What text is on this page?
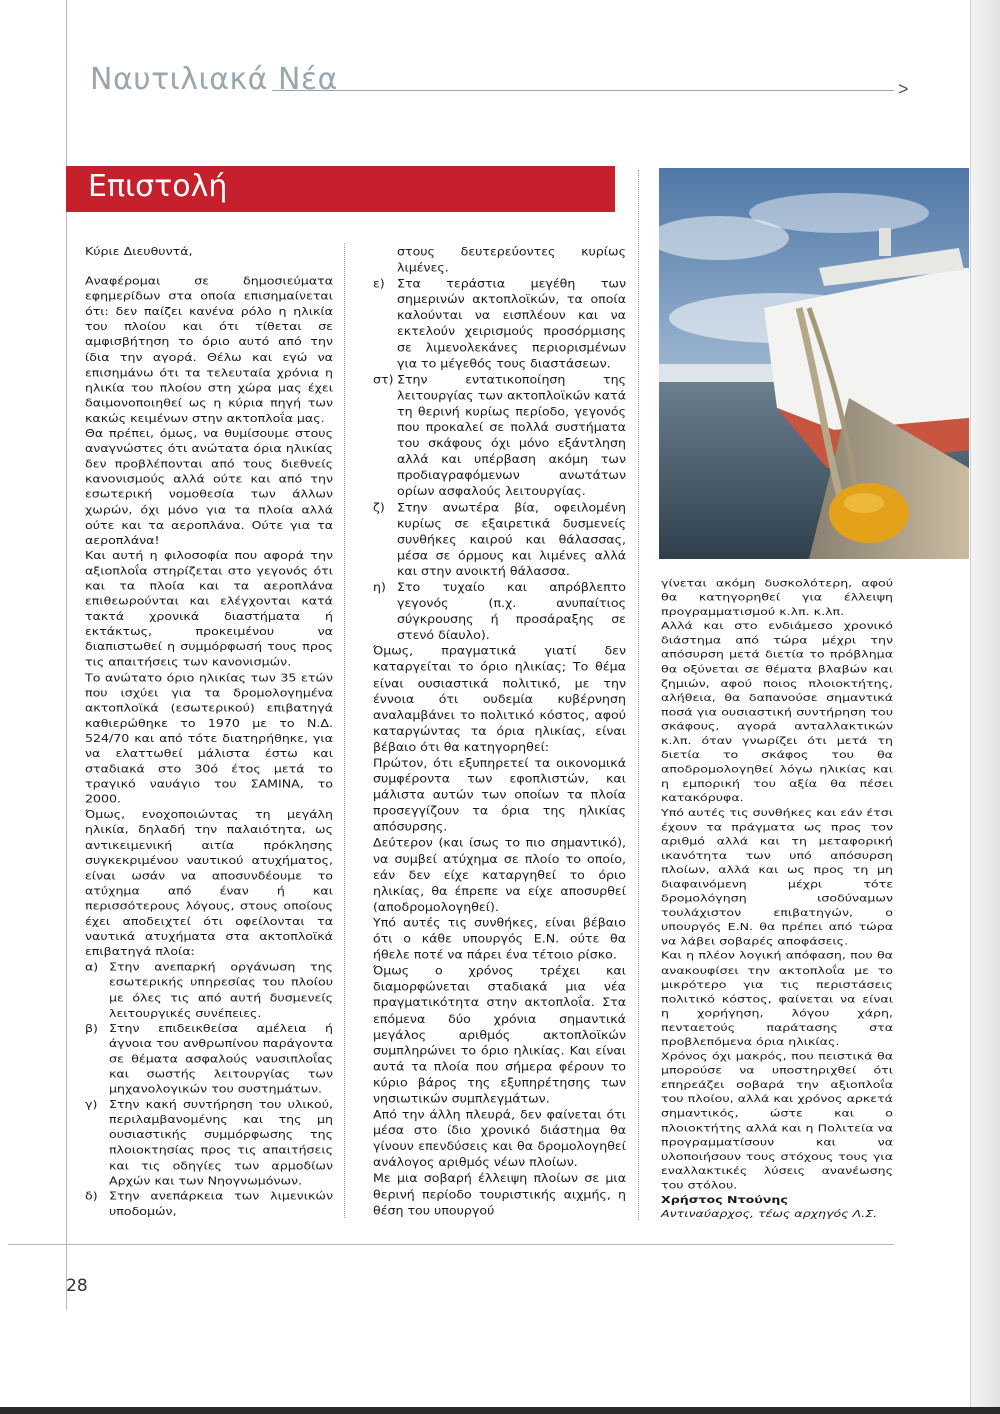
Ναυτιλιακά Νέα	>
Επιστολή

Κύριε Διευθυντά,

Αναφέρομαι σε δημοσιεύματα εφημερίδων στα οποία επισημαίνεται ότι: δεν παίζει κανένα ρόλο η ηλικία του πλοίου και ότι τίθεται σε αμφισβήτηση το όριο αυτό από την ίδια την αγορά. Θέλω και εγώ να επισημάνω ότι τα τελευταία χρόνια η ηλικία του πλοίου στη χώρα μας έχει δαιμονοποιηθεί ως η κύρια πηγή των κακώς κειμένων στην ακτοπλοΐα μας.

Θα πρέπει, όμως, να θυμίσουμε στους αναγνώστες ότι ανώτατα όρια ηλικίας δεν προβλέπονται από τους διεθνείς κανονισμούς αλλά ούτε και από την εσωτερική νομοθεσία των άλλων χωρών, όχι μόνο για τα πλοία αλλά ούτε και τα αεροπλάνα. Ούτε για τα αεροπλάνα!

Και αυτή η φιλοσοφία που αφορά την αξιοπλοΐα στηρίζεται στο γεγονός ότι και τα πλοία και τα αεροπλάνα επιθεωρούνται και ελέγχονται κατά τακτά χρονικά διαστήματα ή εκτάκτως, προκειμένου να διαπιστωθεί η συμμόρφωσή τους προς τις απαιτήσεις των κανονισμών.

Το ανώτατο όριο ηλικίας των 35 ετών που ισχύει για τα δρομολογημένα ακτοπλοϊκά (εσωτερικού) επιβατηγά καθιερώθηκε το 1970 με το Ν.Δ. 524/70 και από τότε διατηρήθηκε, για να ελαττωθεί μάλιστα έστω και σταδιακά στο 30ό έτος μετά το τραγικό ναυάγιο του ΣΑΜΙΝΑ, το 2000.

Όμως, ενοχοποιώντας τη μεγάλη ηλικία, δηλαδή την παλαιότητα, ως αντικειμενική αιτία πρόκλησης συγκεκριμένου ναυτικού ατυχήματος, είναι ωσάν να αποσυνδέουμε το ατύχημα από έναν ή και περισσότερους λόγους, στους οποίους έχει αποδειχτεί ότι οφείλονται τα ναυτικά ατυχήματα στα ακτοπλοϊκά επιβατηγά πλοία:

α) Στην ανεπαρκή οργάνωση της εσωτερικής υπηρεσίας του πλοίου με όλες τις από αυτή δυσμενείς λειτουργικές συνέπειες.
β) Στην επιδεικθείσα αμέλεια ή άγνοια του ανθρωπίνου παράγοντα σε θέματα ασφαλούς ναυσιπλοΐας και σωστής λειτουργίας των μηχανολογικών του συστημάτων.
γ) Στην κακή συντήρηση του υλικού, περιλαμβανομένης και της μη ουσιαστικής συμμόρφωσης της πλοιοκτησίας προς τις απαιτήσεις και τις οδηγίες των αρμοδίων Αρχών και των Νηογνωμόνων.
δ) Στην ανεπάρκεια των λιμενικών υποδομών,

στους δευτερεύοντες κυρίως λιμένες.

ε) Στα τεράστια μεγέθη των σημερινών ακτοπλοϊκών, τα οποία καλούνται να εισπλέουν και να εκτελούν χειρισμούς προσόρμισης σε λιμενολεκάνες περιορισμένων για το μέγεθός τους διαστάσεων.
στ) Στην εντατικοποίηση της λειτουργίας των ακτοπλοϊκών κατά τη θερινή κυρίως περίοδο, γεγονός που προκαλεί σε πολλά συστήματα του σκάφους όχι μόνο εξάντληση αλλά και υπέρβαση ακόμη των προδιαγραφόμενων ανωτάτων ορίων ασφαλούς λειτουργίας.
ζ) Στην ανωτέρα βία, οφειλομένη κυρίως σε εξαιρετικά δυσμενείς συνθήκες καιρού και θάλασσας, μέσα σε όρμους και λιμένες αλλά και στην ανοικτή θάλασσα.
η) Στο τυχαίο και απρόβλεπτο γεγονός (π.χ. ανυπαίτιος σύγκρουσης ή προσάραξης σε στενό δίαυλο).

Όμως, πραγματικά γιατί δεν καταργείται το όριο ηλικίας; Το θέμα είναι ουσιαστικά πολιτικό, με την έννοια ότι ουδεμία κυβέρνηση αναλαμβάνει το πολιτικό κόστος, αφού καταργώντας τα όρια ηλικίας, είναι βέβαιο ότι θα κατηγορηθεί:

Πρώτον, ότι εξυπηρετεί τα οικονομικά συμφέροντα των εφοπλιστών, και μάλιστα αυτών των οποίων τα πλοία προσεγγίζουν τα όρια της ηλικίας απόσυρσης.

Δεύτερον (και ίσως το πιο σημαντικό), να συμβεί ατύχημα σε πλοίο το οποίο, εάν δεν είχε καταργηθεί το όριο ηλικίας, θα έπρεπε να είχε αποσυρθεί (αποδρομολογηθεί).

Υπό αυτές τις συνθήκες, είναι βέβαιο ότι ο κάθε υπουργός Ε.Ν. ούτε θα ήθελε ποτέ να πάρει ένα τέτοιο ρίσκο.

Όμως ο χρόνος τρέχει και διαμορφώνεται σταδιακά μια νέα πραγματικότητα στην ακτοπλοΐα. Στα επόμενα δύο χρόνια σημαντικά μεγάλος αριθμός ακτοπλοϊκών συμπληρώνει το όριο ηλικίας. Και είναι αυτά τα πλοία που σήμερα φέρουν το κύριο βάρος της εξυπηρέτησης των νησιωτικών συμπλεγμάτων.

Από την άλλη πλευρά, δεν φαίνεται ότι μέσα στο ίδιο χρονικό διάστημα θα γίνουν επενδύσεις και θα δρομολογηθεί ανάλογος αριθμός νέων πλοίων.

Με μια σοβαρή έλλειψη πλοίων σε μια θερινή περίοδο τουριστικής αιχμής, η θέση του υπουργού

γίνεται ακόμη δυσκολότερη, αφού θα κατηγορηθεί για έλλειψη προγραμματισμού κ.λπ. κ.λπ.

Αλλά και στο ενδιάμεσο χρονικό διάστημα από τώρα μέχρι την απόσυρση μετά διετία το πρόβλημα θα οξύνεται σε θέματα βλαβών και ζημιών, αφού ποιος πλοιοκτήτης, αλήθεια, θα δαπανούσε σημαντικά ποσά για ουσιαστική συντήρηση του σκάφους, αγορά ανταλλακτικών κ.λπ. όταν γνωρίζει ότι μετά τη διετία το σκάφος του θα αποδρομολογηθεί λόγω ηλικίας και η εμπορική του αξία θα πέσει κατακόρυφα.

Υπό αυτές τις συνθήκες και εάν έτσι έχουν τα πράγματα ως προς τον αριθμό αλλά και τη μεταφορική ικανότητα των υπό απόσυρση πλοίων, αλλά και ως προς τη μη διαφαινόμενη μέχρι τότε δρομολόγηση ισοδύναμων τουλάχιστον επιβατηγών, ο υπουργός Ε.Ν. θα πρέπει από τώρα να λάβει σοβαρές αποφάσεις.

Και η πλέον λογική απόφαση, που θα ανακουφίσει την ακτοπλοΐα με το μικρότερο για τις περιστάσεις πολιτικό κόστος, φαίνεται να είναι η χορήγηση, λόγου χάρη, πενταετούς παράτασης στα προβλεπόμενα όρια ηλικίας.

Χρόνος όχι μακρός, που πειστικά θα μπορούσε να υποστηριχθεί ότι επηρεάζει σοβαρά την αξιοπλοΐα του πλοίου, αλλά και χρόνος αρκετά σημαντικός, ώστε και ο πλοιοκτήτης αλλά και η Πολιτεία να προγραμματίσουν και να υλοποιήσουν τους στόχους τους για εναλλακτικές λύσεις ανανέωσης του στόλου.

Χρήστος Ντούνης

Αντιναύαρχος, τέως αρχηγός Λ.Σ.

28
